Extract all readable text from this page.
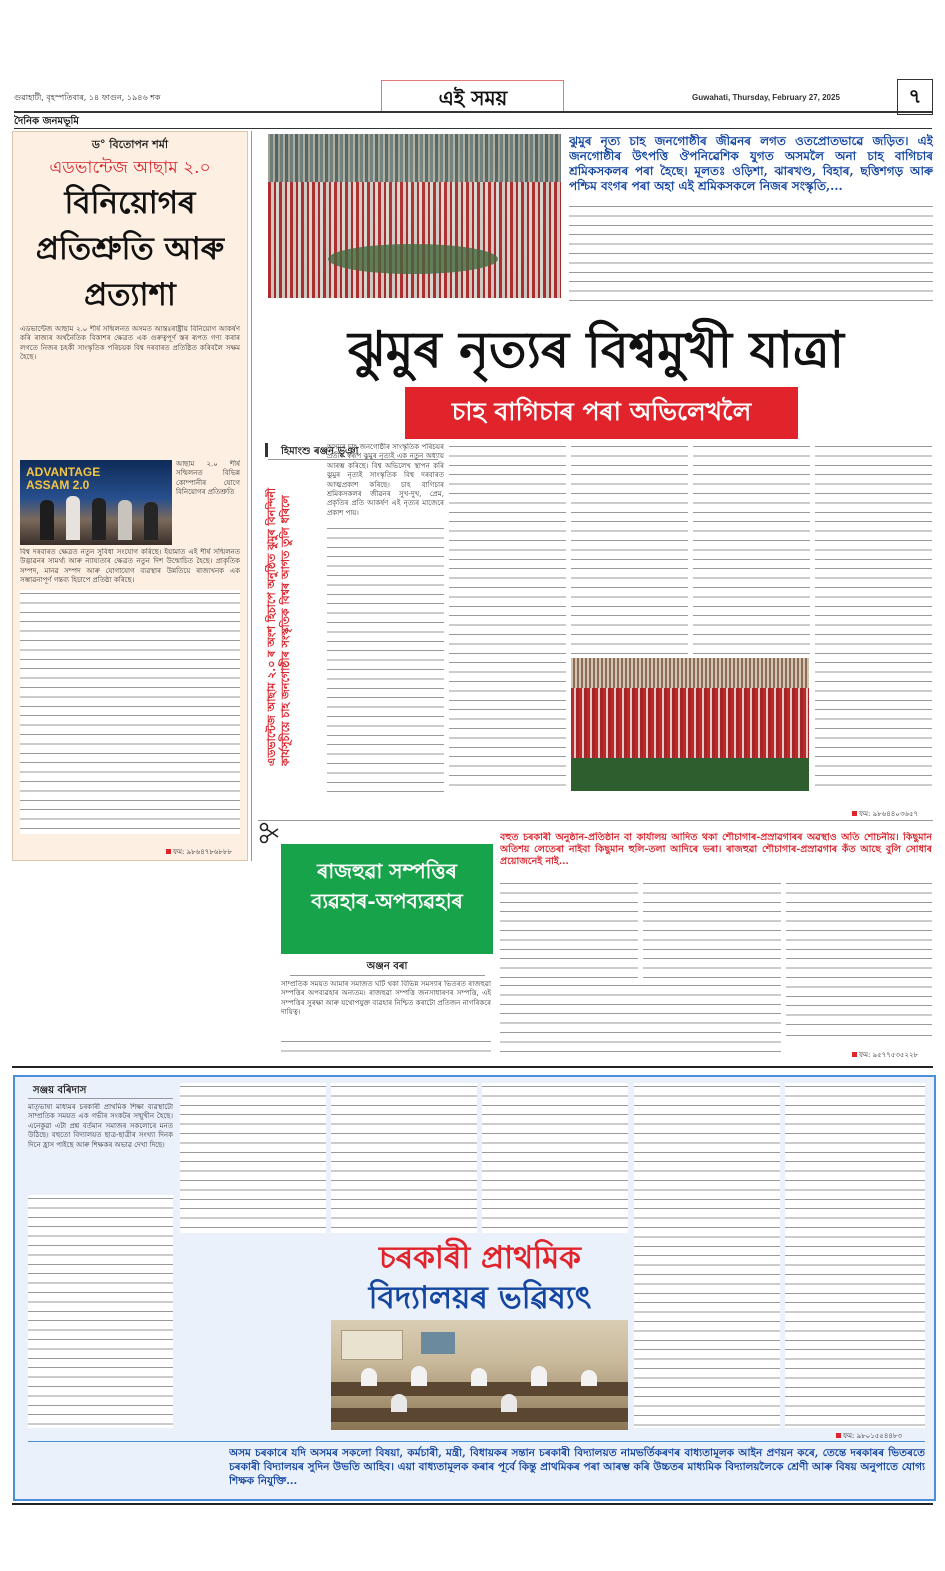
গুৱাহাটী, বৃহস্পতিবাৰ, ১৪ ফাগুন, ১৯৪৬ শক	এই সময়	Guwahati, Thursday, February 27, 2025	৭
দৈনিক জনমভূমি
ড° বিতোপন শৰ্মা
এডভান্টেজ আছাম ২.০
বিনিয়োগৰ প্ৰতিশ্ৰুতি আৰু প্ৰত্যাশা
এডভান্টেজ আছাম ২.০ শীৰ্ষ সন্মিলনত অসমত আন্তঃৰাষ্ট্ৰীয় বিনিয়োগ আকৰ্ষণ কৰি ৰাজ্যৰ অৰ্থনৈতিক বিকাশৰ ক্ষেত্ৰত এক গুৰুত্বপূৰ্ণ স্তৰ ৰূপত গণ্য কৰাৰ লগতে নিজৰ চহকী সাংস্কৃতিক পৰিচয়ক বিশ্ব দৰবাৰত প্ৰতিষ্ঠিত কৰিবলৈ সক্ষম হৈছে।
ADVANTAGE ASSAM 2.0
আছাম ২.০ শীৰ্ষ সন্মিলনত বিভিন্ন কোম্পানীৰ যোগে বিনিয়োগৰ প্ৰতিশ্ৰুতি
বিশ্ব দৰবাৰত ক্ষেত্ৰত নতুন সুবিধা সংযোগ কৰিছে। ইয়ামাত এই শীৰ্ষ সন্মিলনত উদ্ভাৱনৰ সামৰ্থ্য আৰু ন্যায্যতাৰ ক্ষেত্ৰত নতুন দিশ উন্মোচিত হৈছে। প্ৰাকৃতিক সম্পদ, মানৱ সম্পদ আৰু যোগাযোগ ব্যৱস্থাৰ উন্নতিয়ে ৰাজ্যখনক এক সম্ভাৱনাপূৰ্ণ গন্তব্য হিচাপে প্ৰতিষ্ঠা কৰিছে।
ফম: ৯৮৬৪৭৮৬৮৮৮
ঝুমুৰ নৃত্য চাহ জনগোষ্ঠীৰ জীৱনৰ লগত ওতপ্ৰোতভাৱে জড়িত। এই জনগোষ্ঠীৰ উৎপত্তি ঔপনিৱেশিক যুগত অসমলৈ অনা চাহ বাগিচাৰ শ্ৰমিকসকলৰ পৰা হৈছে। মূলতঃ ওড়িশা, ঝাৰখণ্ড, বিহাৰ, ছত্তিশগড় আৰু পশ্চিম বংগৰ পৰা অহা এই শ্ৰমিকসকলে নিজৰ সংস্কৃতি,...
ঝুমুৰ নৃত্যৰ বিশ্বমুখী যাত্ৰা
চাহ বাগিচাৰ পৰা অভিলেখলৈ
হিমাংশু ৰঞ্জন ভূঞা
এডভান্টেজ আছাম ২.০ ৰ অংশ হিচাপে অনুষ্ঠিত ঝুমুৰ বিনন্দিনী কাৰ্যসূচীয়ে চাহ জনগোষ্ঠীৰ সংস্কৃতিক বিশ্বৰ আগত তুলি ধৰিলে
অসমৰ চাহ জনগোষ্ঠীৰ সাংস্কৃতিক পৰিচয়ৰ প্ৰতীক স্বৰূপ ঝুমুৰ নৃত্যই এক নতুন অধ্যায় আৰম্ভ কৰিছে। বিশ্ব অভিলেখ স্থাপন কৰি ঝুমুৰ নৃত্যই সাংস্কৃতিক বিশ্ব দৰবাৰত আত্মপ্ৰকাশ কৰিছে। চাহ বাগিচাৰ শ্ৰমিকসকলৰ জীৱনৰ সুখ-দুখ, প্ৰেম, প্ৰকৃতিৰ প্ৰতি আকৰ্ষণ এই নৃত্যৰ মাজেৰে প্ৰকাশ পায়।
ফম: ৯৮৬৪৪০৩৬৫৭
ৰাজহুৱা সম্পত্তিৰ ব্যৱহাৰ-অপব্যৱহাৰ
অঞ্জন বৰা
বহুত চৰকাৰী অনুষ্ঠান-প্ৰতিষ্ঠান বা কাৰ্যালয় আদিত থকা শৌচাগাৰ-প্ৰস্ৰাৱগাৰৰ অৱস্থাও অতি শোচনীয়। কিছুমান অতিশয় লেতেৰা নাইবা কিছুমান হুলি-তলা আদিৰে ভৰা। ৰাজহুৱা শৌচাগাৰ-প্ৰস্ৰাৱগাৰ কঁত আছে বুলি সোধাৰ প্ৰয়োজনেই নাই...
সাম্প্ৰতিক সময়ত আমাৰ সমাজত ঘটি থকা বিভিন্ন সমস্যাৰ ভিতৰত ৰাজহুৱা সম্পত্তিৰ অপব্যৱহাৰ অন্যতম। ৰাজহুৱা সম্পত্তি জনসাধাৰণৰ সম্পত্তি, এই সম্পত্তিৰ সুৰক্ষা আৰু যথোপযুক্ত ব্যৱহাৰ নিশ্চিত কৰাটো প্ৰতিজন নাগৰিকৰে দায়িত্ব।
ফম: ৯৫৭৭৫৩৫২২৮
সঞ্জয় বৰিদাস
মাতৃভাষা মাধ্যমৰ চৰকাৰী প্ৰাথমিক শিক্ষা ব্যৱস্থাটো সাম্প্ৰতিক সময়ত এক গভীৰ সংকটৰ সন্মুখীন হৈছে। এনেকুৱা এটা প্ৰশ্ন বৰ্তমান সমাজৰ সকলোৰে মনত উঠিছে। বহুতো বিদ্যালয়ত ছাত্ৰ-ছাত্ৰীৰ সংখ্যা দিনক দিনে হ্ৰাস পাইছে আৰু শিক্ষকৰ অভাৱ দেখা দিছে।
চৰকাৰী প্ৰাথমিক
বিদ্যালয়ৰ ভৱিষ্যৎ
ফম: ৯৮০১৫৫৪৪৮৩
অসম চৰকাৰে যদি অসমৰ সকলো বিষয়া, কৰ্মচাৰী, মন্ত্ৰী, বিধায়কৰ সন্তান চৰকাৰী বিদ্যালয়ত নামভৰ্তিকৰণৰ বাধ্যতামূলক আইন প্ৰণয়ন কৰে, তেন্তে দৰকাৰৰ ভিতৰতে চৰকাৰী বিদ্যালয়ৰ সুদিন উভতি আহিব। এয়া বাধ্যতামূলক কৰাৰ পূৰ্বে কিন্তু প্ৰাথমিকৰ পৰা আৰম্ভ কৰি উচ্চতৰ মাধ্যমিক বিদ্যালয়লৈকে শ্ৰেণী আৰু বিষয় অনুপাতে যোগ্য শিক্ষক নিযুক্তি...
